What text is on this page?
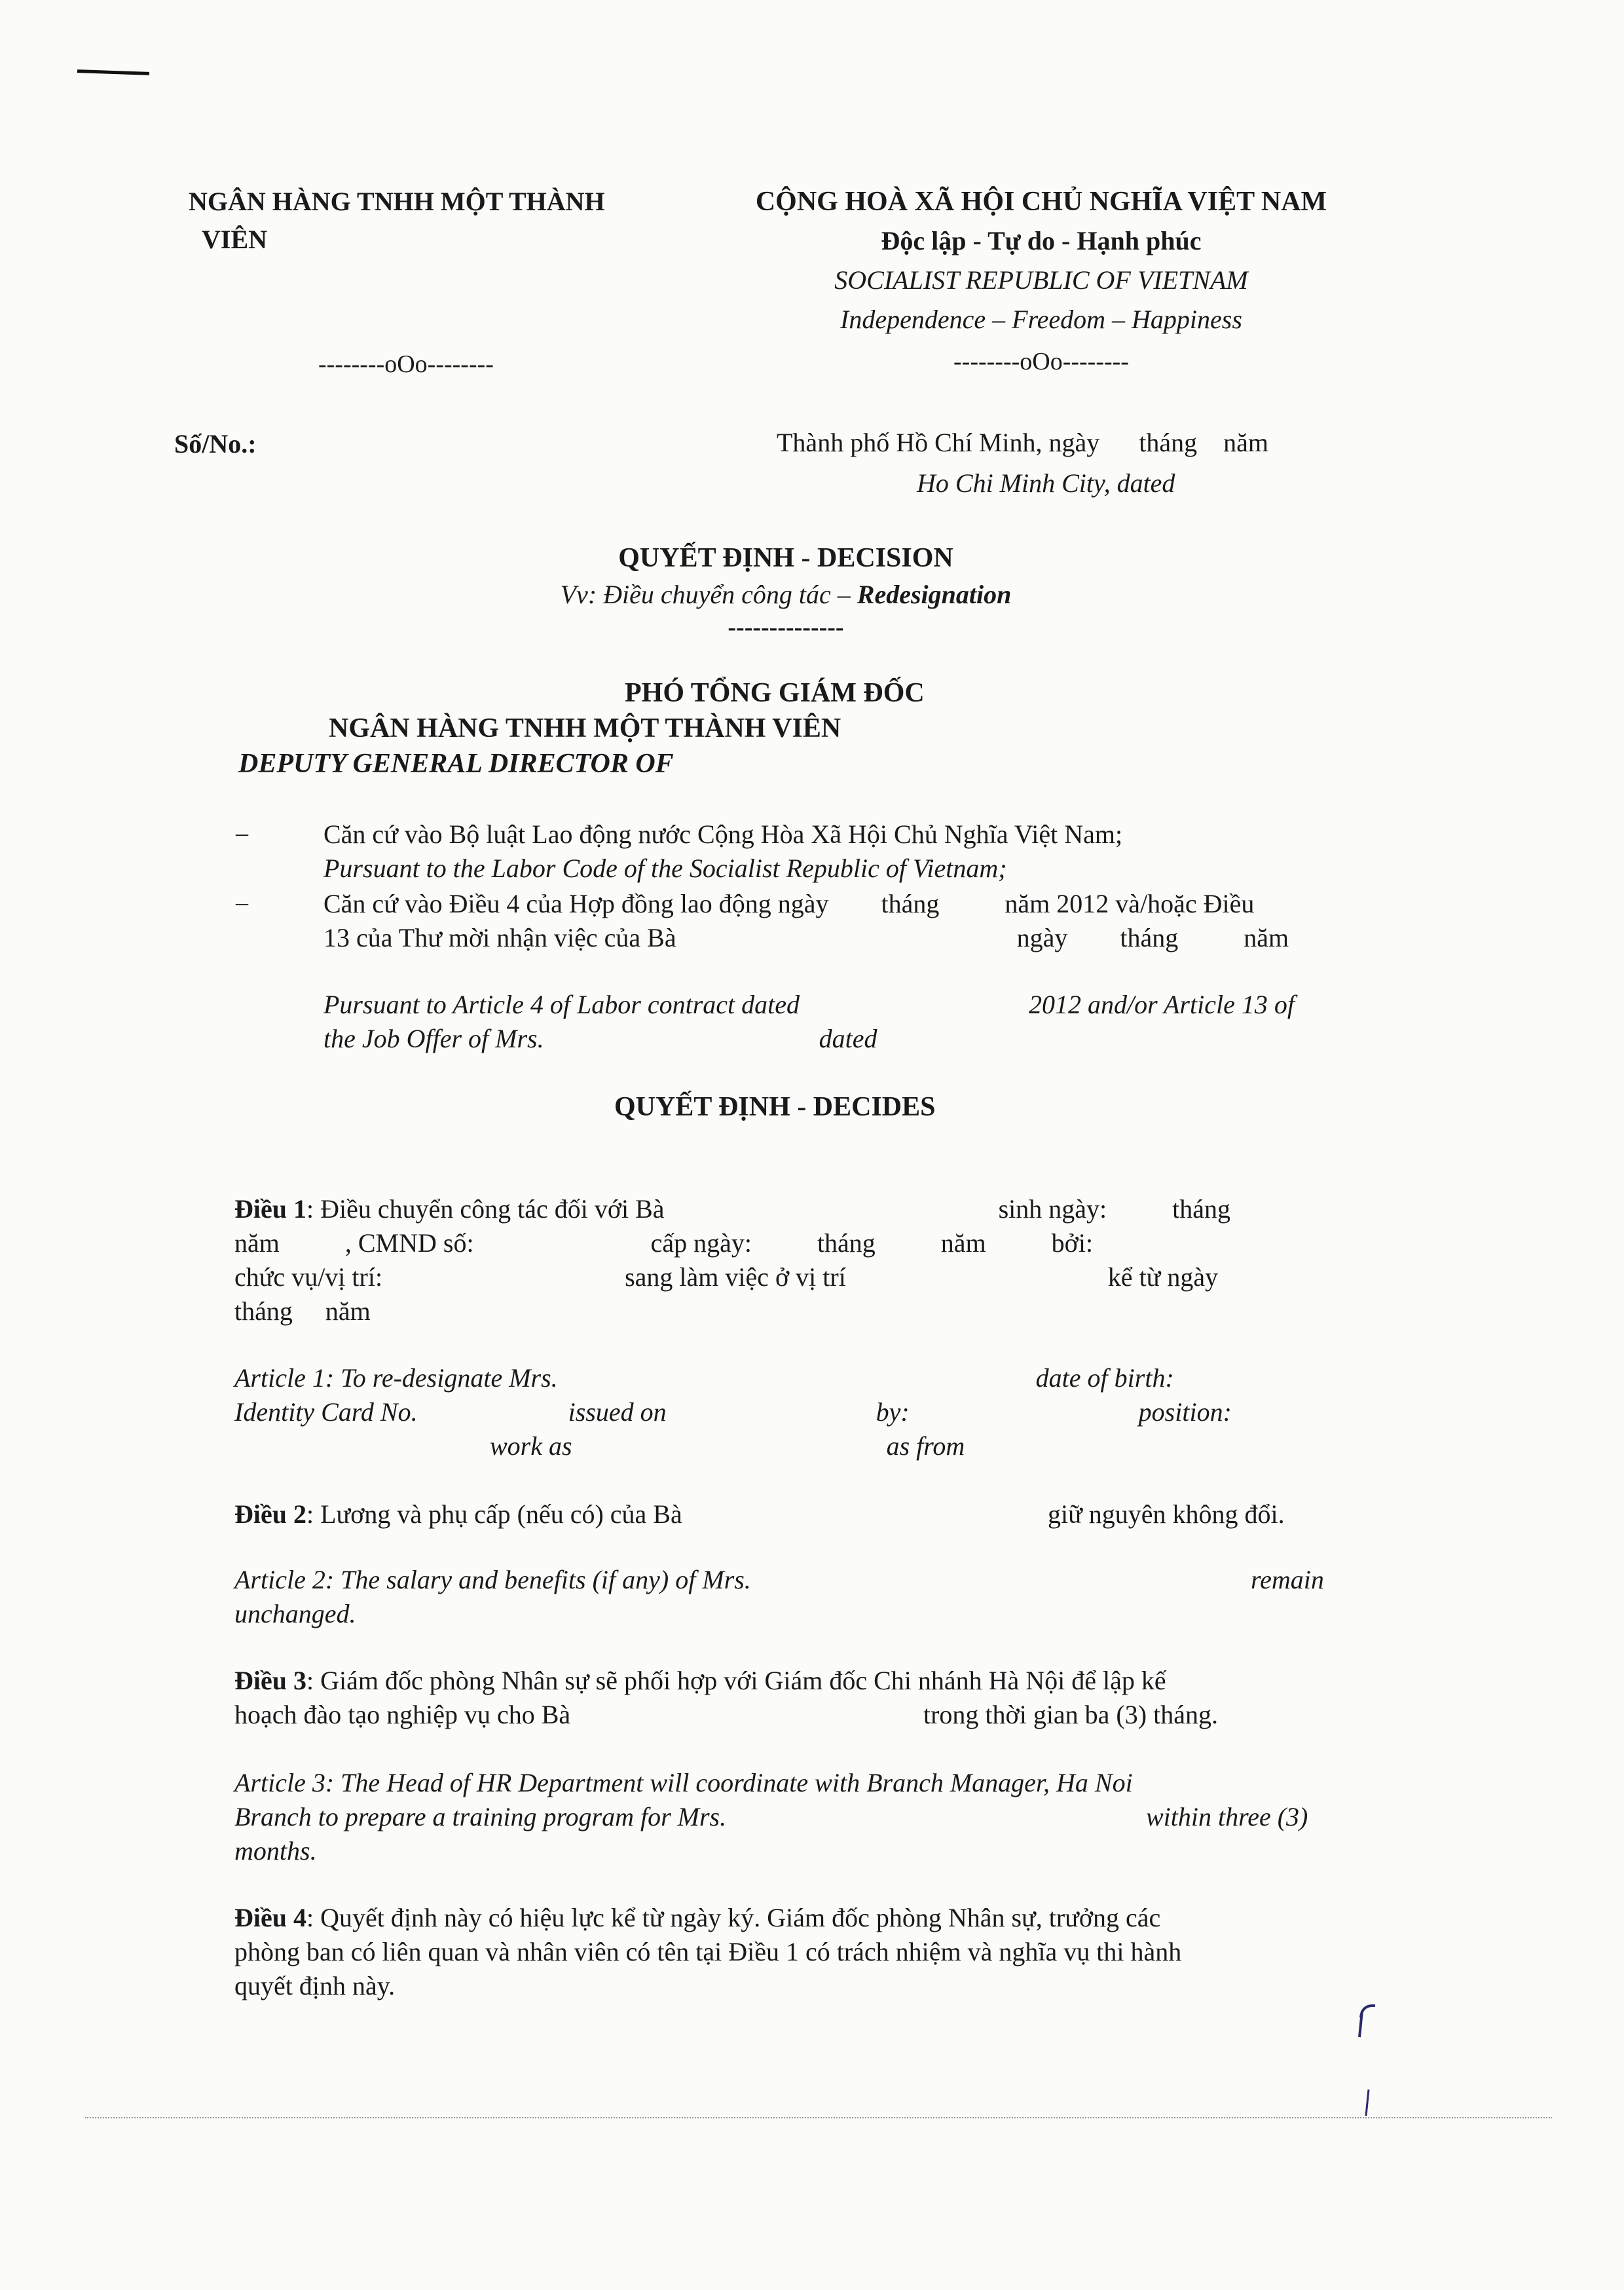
NGÂN HÀNG TNHH MỘT THÀNH
VIÊN
--------oOo--------
Số/No.:
CỘNG HOÀ XÃ HỘI CHỦ NGHĨA VIỆT NAM
Độc lập - Tự do - Hạnh phúc
SOCIALIST REPUBLIC OF VIETNAM
Independence – Freedom – Happiness
--------oOo--------
Thành phố Hồ Chí Minh, ngày      tháng    năm
Ho Chi Minh City, dated
QUYẾT ĐỊNH - DECISION
Vv: Điều chuyển công tác – Redesignation
--------------
PHÓ TỔNG GIÁM ĐỐC
NGÂN HÀNG TNHH MỘT THÀNH VIÊN
DEPUTY GENERAL DIRECTOR OF
–	Căn cứ vào Bộ luật Lao động nước Cộng Hòa Xã Hội Chủ Nghĩa Việt Nam;
Pursuant to the Labor Code of the Socialist Republic of Vietnam;
–	Căn cứ vào Điều 4 của Hợp đồng lao động ngày        tháng          năm 2012 và/hoặc Điều
13 của Thư mời nhận việc của Bà                                                    ngày        tháng          năm
Pursuant to Article 4 of Labor contract dated                                   2012 and/or Article 13 of
the Job Offer of Mrs.                                          dated
QUYẾT ĐỊNH - DECIDES
Điều 1: Điều chuyển công tác đối với Bà                                                   sinh ngày:          tháng
năm          , CMND số:                           cấp ngày:          tháng          năm          bởi:
chức vụ/vị trí:                                     sang làm việc ở vị trí                                        kể từ ngày
tháng     năm
Article 1: To re-designate Mrs.                                                                         date of birth:
Identity Card No.                       issued on                                by:                                   position:
work as                                                as from
Điều 2: Lương và phụ cấp (nếu có) của Bà	giữ nguyên không đổi.
Article 2: The salary and benefits (if any) of Mrs.	remain
unchanged.
Điều 3: Giám đốc phòng Nhân sự sẽ phối hợp với Giám đốc Chi nhánh Hà Nội để lập kế
hoạch đào tạo nghiệp vụ cho Bà	trong thời gian ba (3) tháng.
Article 3: The Head of HR Department will coordinate with Branch Manager, Ha Noi
Branch to prepare a training program for Mrs.	within three (3)
months.
Điều 4: Quyết định này có hiệu lực kể từ ngày ký. Giám đốc phòng Nhân sự, trưởng các
phòng ban có liên quan và nhân viên có tên tại Điều 1 có trách nhiệm và nghĩa vụ thi hành
quyết định này.
